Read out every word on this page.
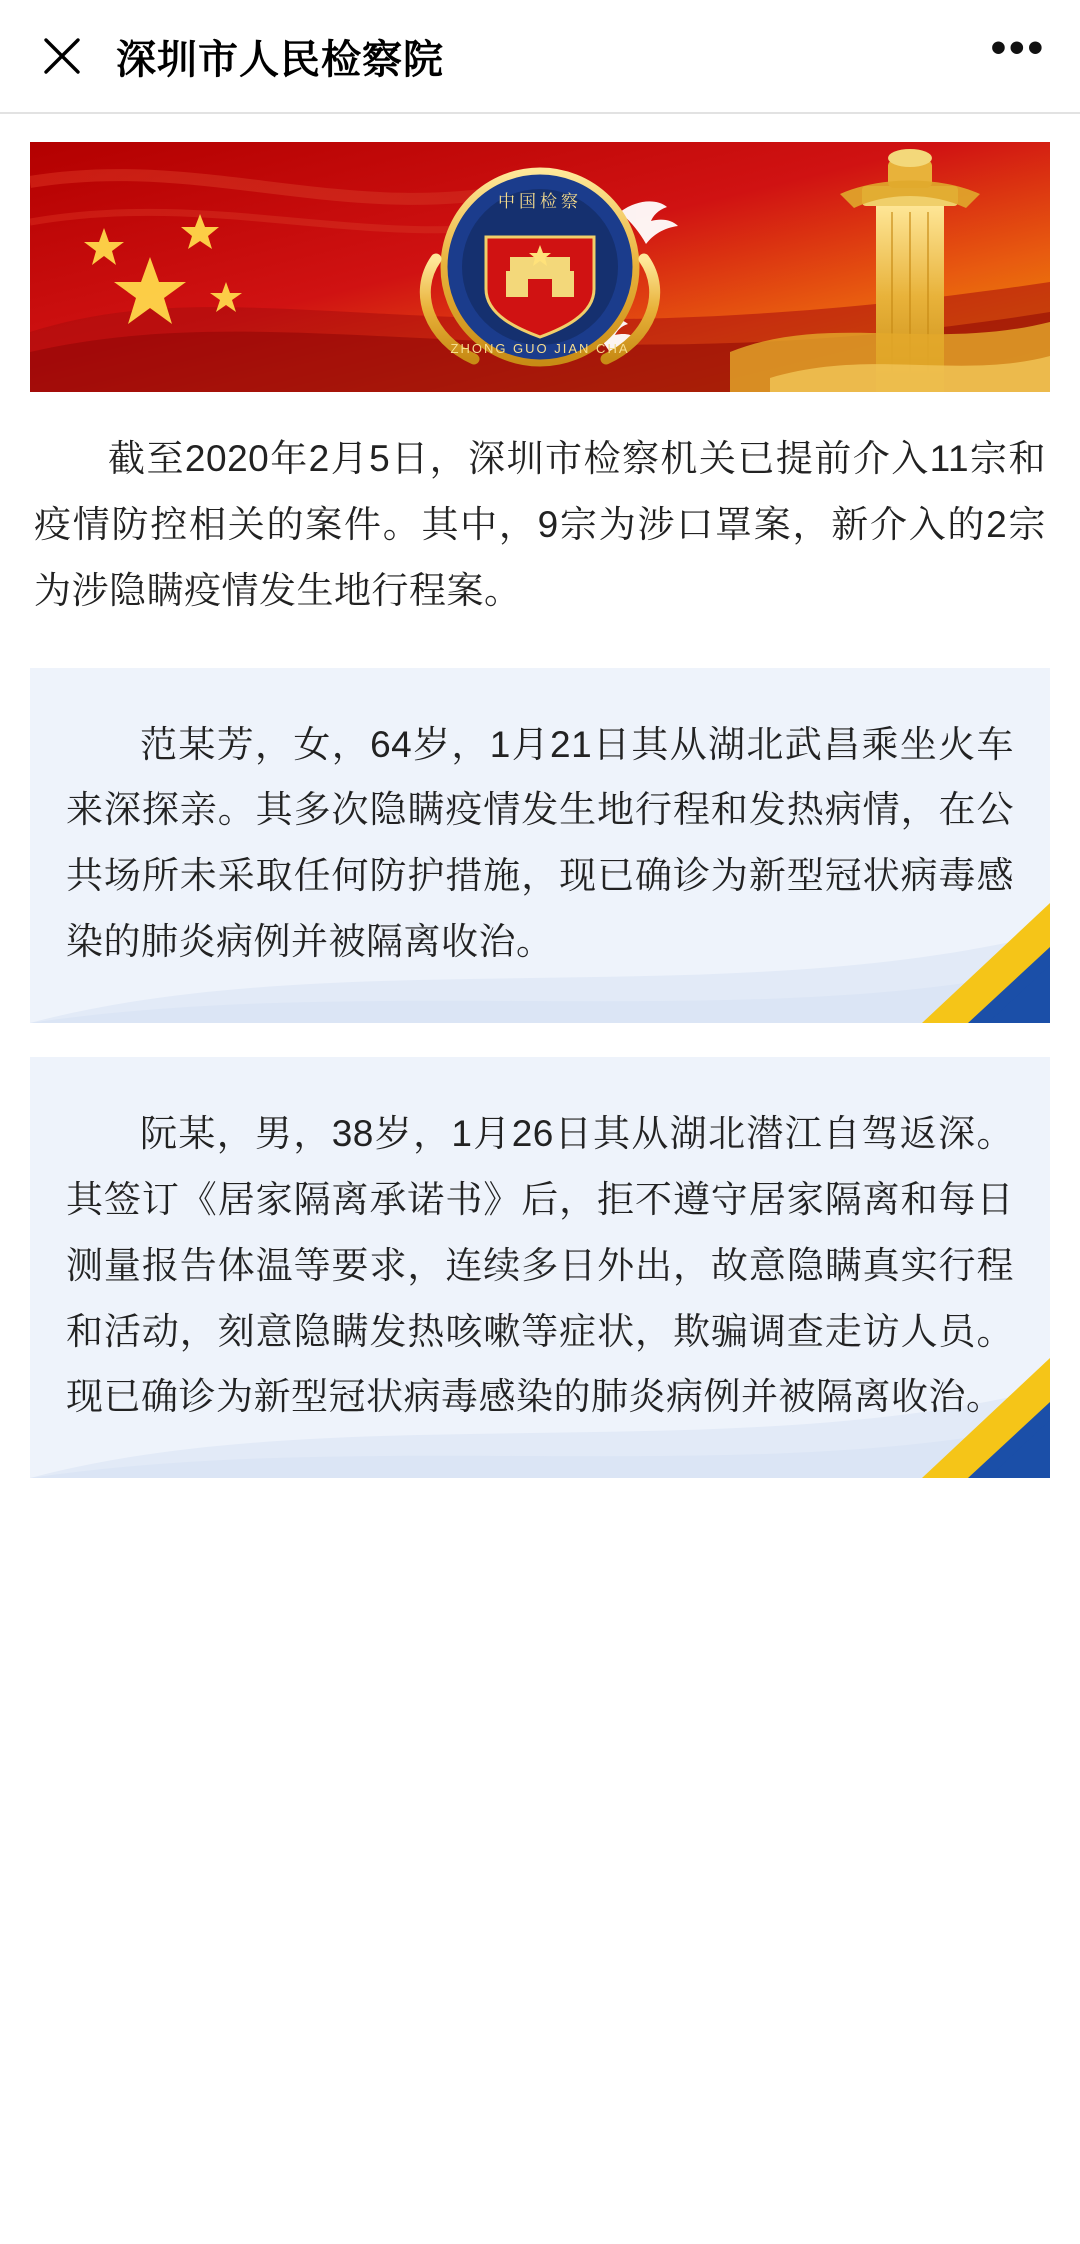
深圳市人民检察院	•••
中国检察
ZHONG GUO JIAN CHA

截至2020年2月5日，深圳市检察机关已提前介入11宗和疫情防控相关的案件。其中，9宗为涉口罩案，新介入的2宗为涉隐瞒疫情发生地行程案。

范某芳，女，64岁，1月21日其从湖北武昌乘坐火车来深探亲。其多次隐瞒疫情发生地行程和发热病情，在公共场所未采取任何防护措施，现已确诊为新型冠状病毒感染的肺炎病例并被隔离收治。

阮某，男，38岁，1月26日其从湖北潜江自驾返深。其签订《居家隔离承诺书》后，拒不遵守居家隔离和每日测量报告体温等要求，连续多日外出，故意隐瞒真实行程和活动，刻意隐瞒发热咳嗽等症状，欺骗调查走访人员。现已确诊为新型冠状病毒感染的肺炎病例并被隔离收治。
